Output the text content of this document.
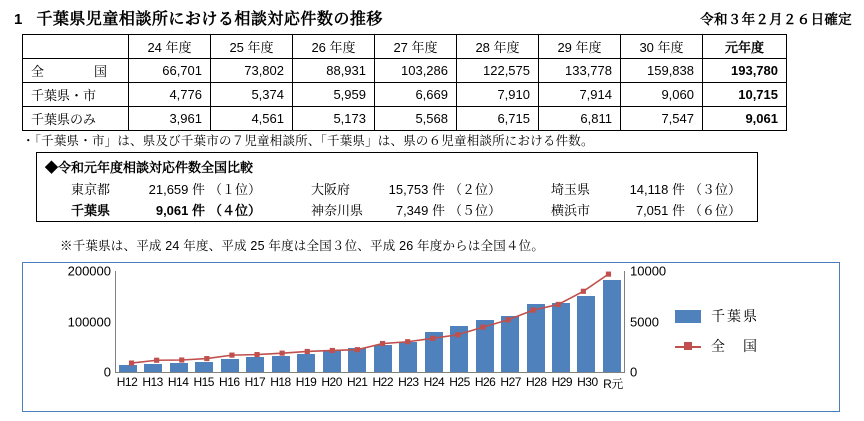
1 千葉県児童相談所における相談対応件数の推移	令和３年２月２６日確定
	24 年度	25 年度	26 年度	27 年度	28 年度	29 年度	30 年度	元年度
全　　国	66,701	73,802	88,931	103,286	122,575	133,778	159,838	193,780
千葉県・市	4,776	5,374	5,959	6,669	7,910	7,914	9,060	10,715
千葉県のみ	3,961	4,561	5,173	5,568	6,715	6,811	7,547	9,061
・「千葉県・市」は、県及び千葉市の７児童相談所、「千葉県」は、県の６児童相談所における件数。
◆令和元年度相談対応件数全国比較
東京都	21,659 件 （１位）	大阪府	15,753 件 （２位）	埼玉県	14,118 件 （３位）
千葉県	9,061 件 （４位）	神奈川県	7,349 件 （５位）	横浜市	7,051 件 （６位）
※千葉県は、平成 24 年度、平成 25 年度は全国３位、平成 26 年度からは全国４位。
0
100000
200000
0
5000
10000
H12 H13 H14 H15 H16 H17 H18 H19 H20 H21 H22 H23 H24 H25 H26 H27 H28 H29 H30 R元
千葉県
全　国
